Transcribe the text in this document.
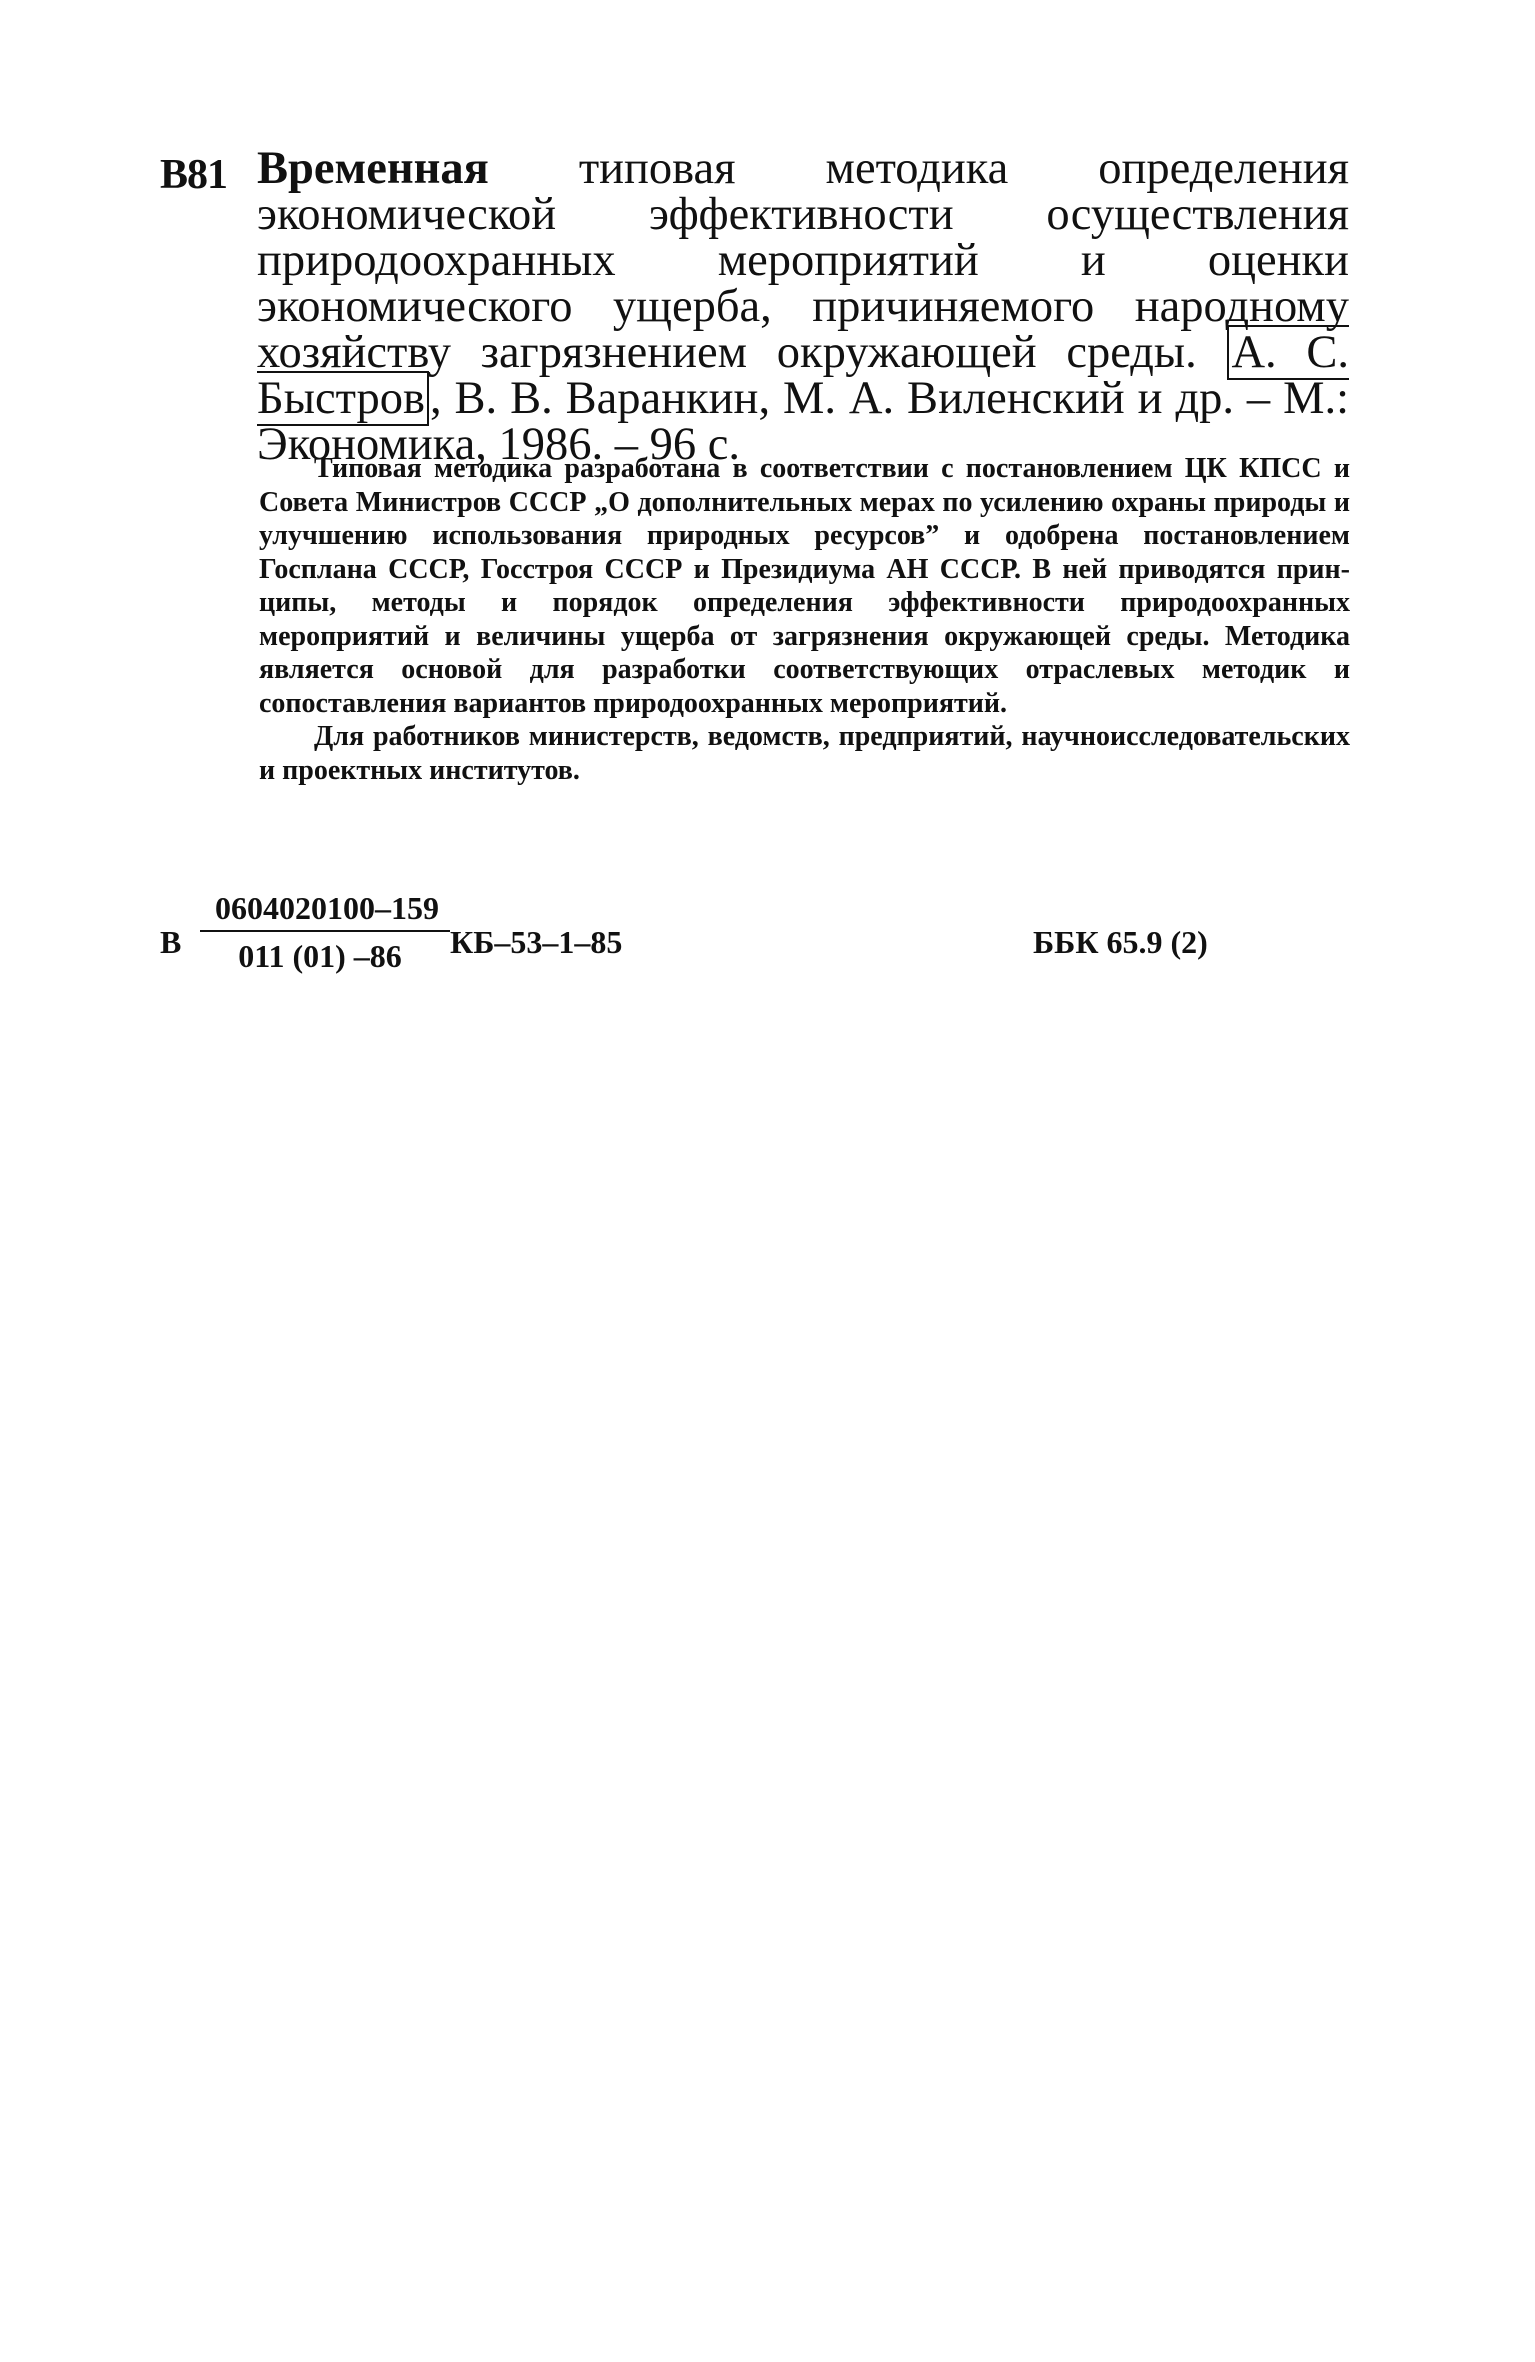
В81 Временная типовая методика определения экономической эффективности осуществления природоохранных мероприятий и оценки экономического ущерба, причиняемого народному хозяйству загрязнением окружающей среды. А. С. Быстров , В. В. Варанкин, М. А. Виленский и др. – М.: Экономика, 1986. – 96 с.

Типовая методика разработана в соответствии с постановлением ЦК КПСС и Совета Министров СССР „О дополнительных мерах по усилению охраны природы и улучшению использования природных ресурсов” и одобрена постановлением Госплана СССР, Госстроя СССР и Президиума АН СССР. В ней приводятся принципы, методы и порядок определения эффективности природоохранных мероприятий и величины ущерба от загрязнения окружающей среды. Методика является основой для разработки соответствующих отраслевых методик и сопоставления вариантов природоохранных мероприятий.

Для работников министерств, ведомств, предприятий, научноисследовательских и проектных институтов.

В
0604020100–159
011 (01) –86	КБ–53–1–85	ББК 65.9 (2)
